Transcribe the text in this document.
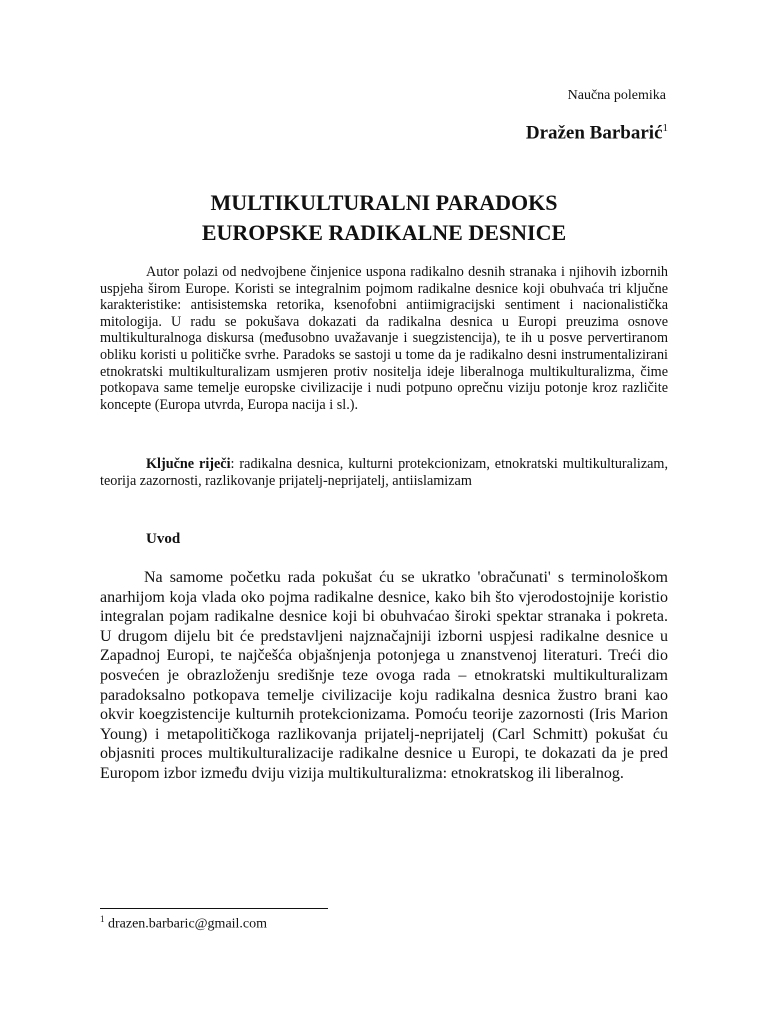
Naučna polemika
Dražen Barbarić$^1$
MULTIKULTURALNI PARADOKS
EUROPSKE RADIKALNE DESNICE

Autor polazi od nedvojbene činjenice uspona radikalno desnih stranaka i njihovih izbornih uspjeha širom Europe. Koristi se integralnim pojmom radikalne desnice koji obuhvaća tri ključne karakteristike: antisistemska retorika, ksenofobni antiimigracijski sentiment i nacionalistička mitologija. U radu se pokušava dokazati da radikalna desnica u Europi preuzima osnove multikulturalnoga diskursa (međusobno uvažavanje i suegzistencija), te ih u posve pervertiranom obliku koristi u političke svrhe. Paradoks se sastoji u tome da je radikalno desni instrumentalizirani etnokratski multikulturalizam usmjeren protiv nositelja ideje liberalnoga multikulturalizma, čime potkopava same temelje europske civilizacije i nudi potpuno oprečnu viziju potonje kroz različite koncepte (Europa utvrda, Europa nacija i sl.).

Ključne riječi: radikalna desnica, kulturni protekcionizam, etnokratski multikulturalizam, teorija zazornosti, razlikovanje prijatelj-neprijatelj, antiislamizam
Uvod

Na samome početku rada pokušat ću se ukratko 'obračunati' s terminološkom anarhijom koja vlada oko pojma radikalne desnice, kako bih što vjerodostojnije koristio integralan pojam radikalne desnice koji bi obuhvaćao široki spektar stranaka i pokreta. U drugom dijelu bit će predstavljeni najznačajniji izborni uspjesi radikalne desnice u Zapadnoj Europi, te najčešća objašnjenja potonjega u znanstvenoj literaturi. Treći dio posvećen je obrazloženju središnje teze ovoga rada – etnokratski multikulturalizam paradoksalno potkopava temelje civilizacije koju radikalna desnica žustro brani kao okvir koegzistencije kulturnih protekcionizama. Pomoću teorije zazornosti (Iris Marion Young) i metapolitičkoga razlikovanja prijatelj-neprijatelj (Carl Schmitt) pokušat ću objasniti proces multikulturalizacije radikalne desnice u Europi, te dokazati da je pred Europom izbor između dviju vizija multikulturalizma: etnokratskog ili liberalnog.

$^1$ drazen.barbaric@gmail.com
